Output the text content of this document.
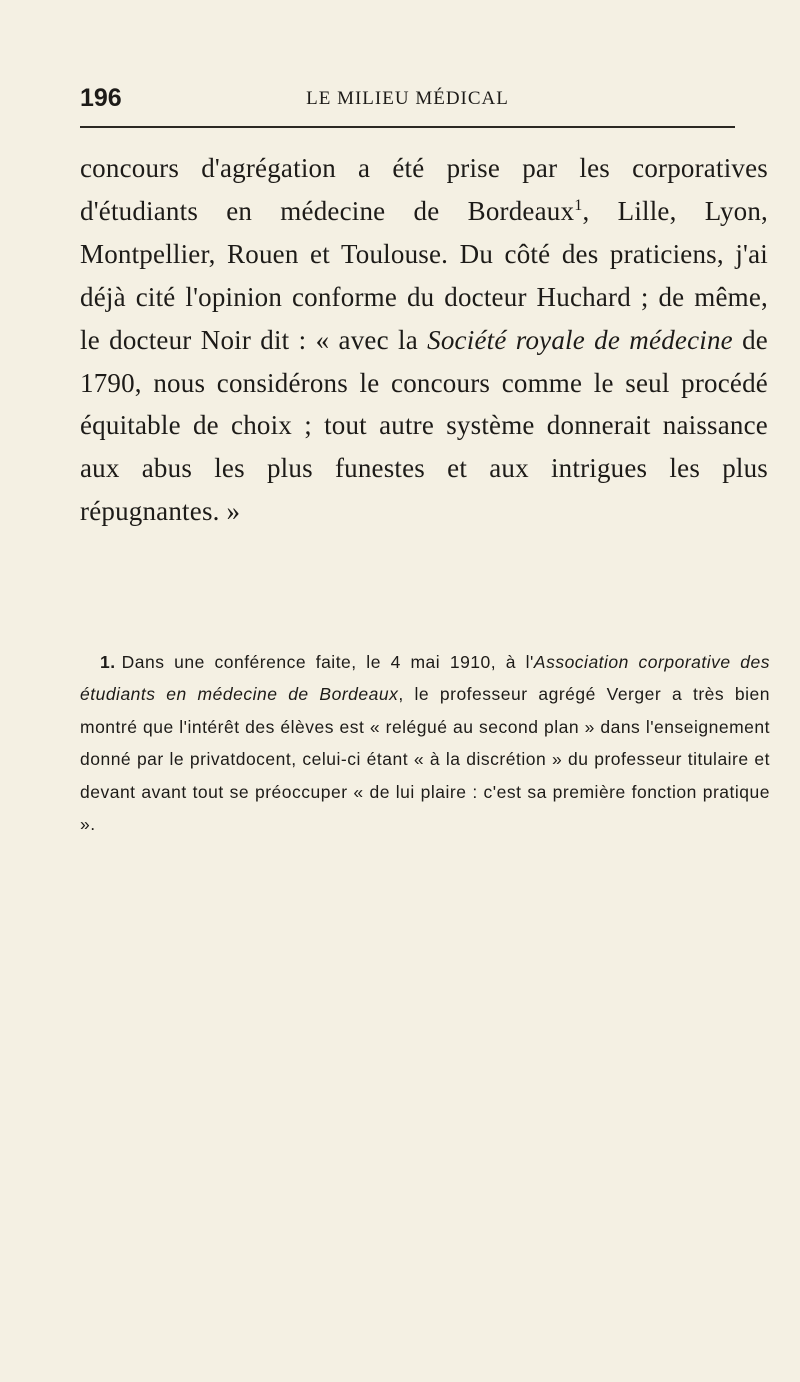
196	LE MILIEU MÉDICAL

concours d'agrégation a été prise par les corporatives d'étudiants en médecine de Bordeaux$^1$, Lille, Lyon, Montpellier, Rouen et Toulouse. Du côté des praticiens, j'ai déjà cité l'opinion conforme du docteur Huchard ; de même, le docteur Noir dit : « avec la Société royale de médecine de 1790, nous considérons le concours comme le seul procédé équitable de choix ; tout autre système donnerait naissance aux abus les plus funestes et aux intrigues les plus répugnantes. »

1. Dans une conférence faite, le 4 mai 1910, à l'Association corporative des étudiants en médecine de Bordeaux, le professeur agrégé Verger a très bien montré que l'intérêt des élèves est « relégué au second plan » dans l'enseignement donné par le privatdocent, celui-ci étant « à la discrétion » du professeur titulaire et devant avant tout se préoccuper « de lui plaire : c'est sa première fonction pratique ».
